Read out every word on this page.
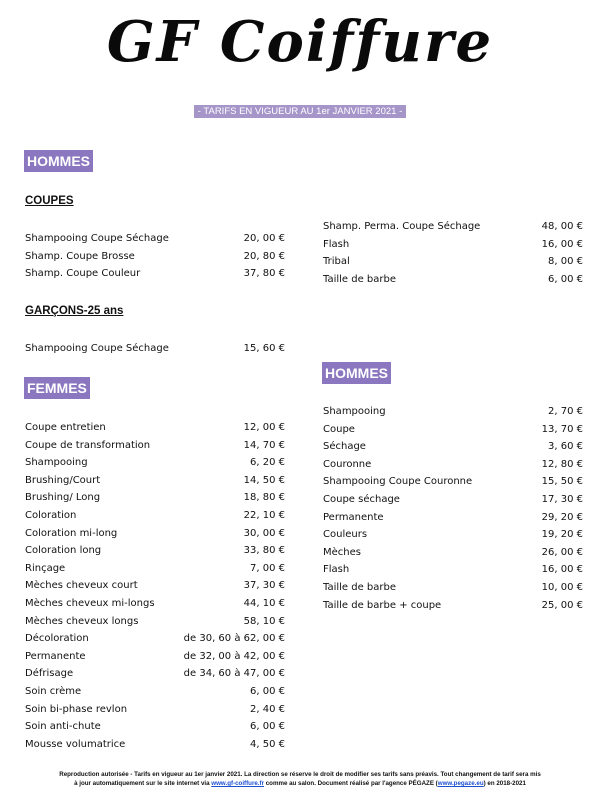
GF Coiffure
- TARIFS EN VIGUEUR AU 1er JANVIER 2021 -
HOMMES
COUPES
Shampooing Coupe Séchage	20, 00 €
Shamp. Coupe Brosse	20, 80 €
Shamp. Coupe Couleur	37, 80 €
Shamp. Perma. Coupe Séchage	48, 00 €
Flash	16, 00 €
Tribal	8, 00 €
Taille de barbe	6, 00 €
GARÇONS-25 ans
Shampooing Coupe Séchage	15, 60 €
FEMMES
Coupe entretien	12, 00 €
Coupe de transformation	14, 70 €
Shampooing	6, 20 €
Brushing/Court	14, 50 €
Brushing/ Long	18, 80 €
Coloration	22, 10 €
Coloration mi-long	30, 00 €
Coloration long	33, 80 €
Rinçage	7, 00 €
Mèches cheveux court	37, 30 €
Mèches cheveux mi-longs	44, 10 €
Mèches cheveux longs	58, 10 €
Décoloration	de 30, 60 à 62, 00 €
Permanente	de 32, 00 à 42, 00 €
Défrisage	de 34, 60 à 47, 00 €
Soin crème	6, 00 €
Soin bi-phase revlon	2, 40 €
Soin anti-chute	6, 00 €
Mousse volumatrice	4, 50 €
HOMMES
Shampooing	2, 70 €
Coupe	13, 70 €
Séchage	3, 60 €
Couronne	12, 80 €
Shampooing Coupe Couronne	15, 50 €
Coupe séchage	17, 30 €
Permanente	29, 20 €
Couleurs	19, 20 €
Mèches	26, 00 €
Flash	16, 00 €
Taille de barbe	10, 00 €
Taille de barbe + coupe	25, 00 €
Reproduction autorisée - Tarifs en vigueur au 1er janvier 2021. La direction se réserve le droit de modifier ses tarifs sans préavis. Tout changement de tarif sera mis
à jour automatiquement sur le site internet via www.gf-coiffure.fr comme au salon. Document réalisé par l'agence PÉGAZE (www.pegaze.eu) en 2018-2021
